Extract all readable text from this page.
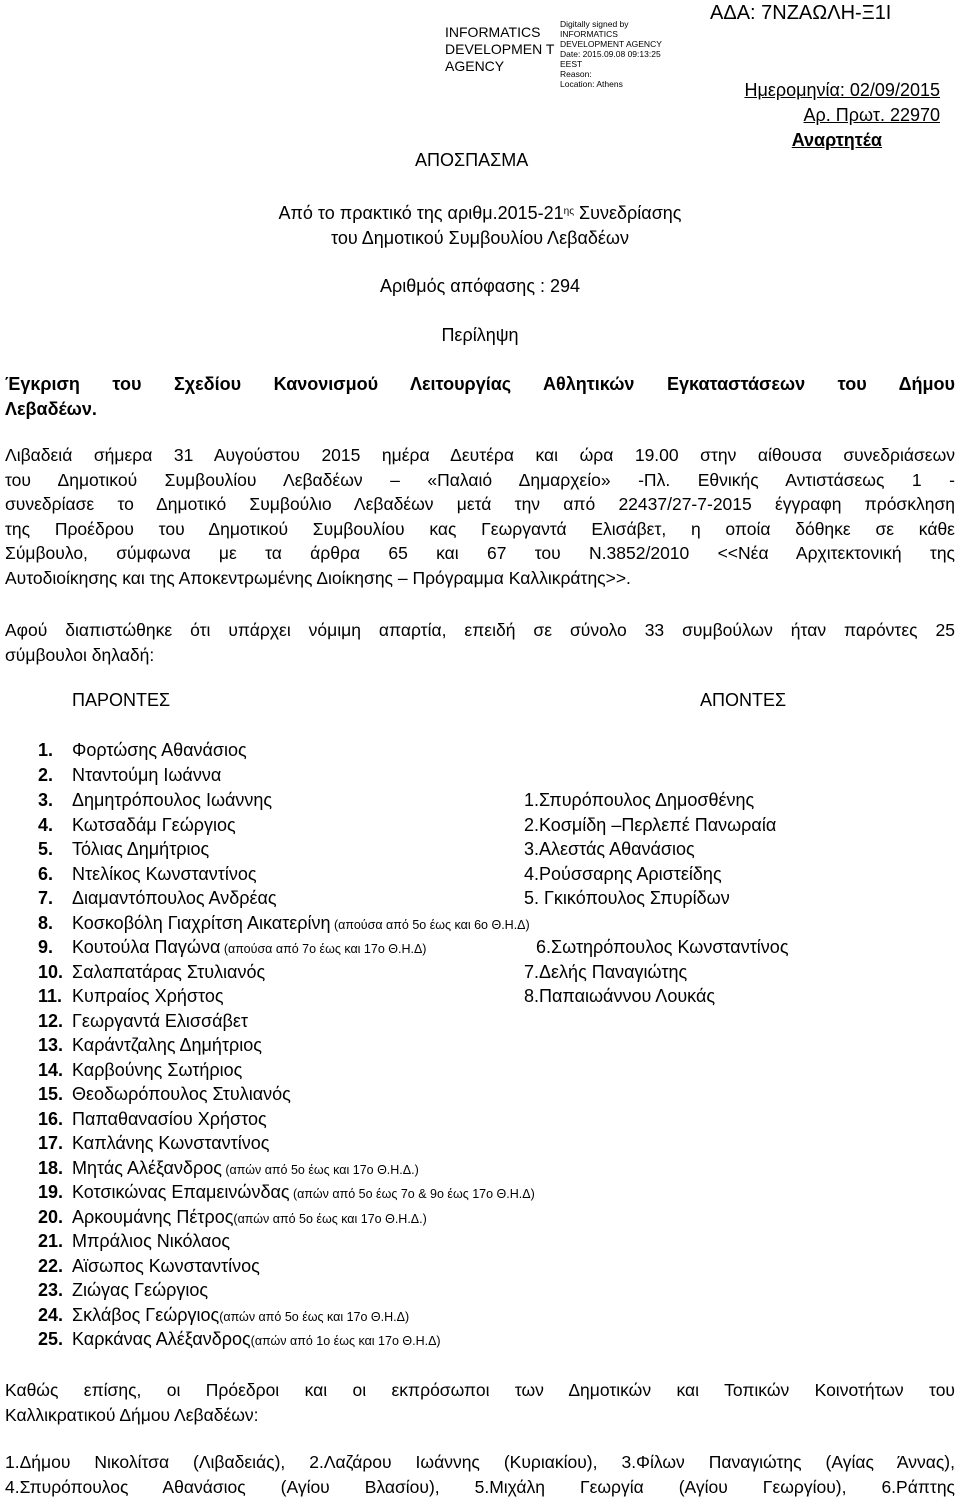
INFORMATICS DEVELOPMEN T AGENCY
Digitally signed by
INFORMATICS
DEVELOPMENT AGENCY
Date: 2015.09.08 09:13:25
EEST
Reason:
Location: Athens
ΑΔΑ: 7ΝΖΑΩΛΗ-Ξ1Ι
Ημερομηνία: 02/09/2015
Αρ. Πρωτ. 22970
Αναρτητέα
ΑΠΟΣΠΑΣΜΑ
Από το πρακτικό της $\alpha\rho\iota\theta\mu.2015-21^{\eta\varsigma}$ Συνεδρίασης
του Δημοτικού Συμβουλίου Λεβαδέων
Αριθμός απόφασης : 294
Περίληψη
Έγκριση του Σχεδίου Κανονισμού Λειτουργίας Αθλητικών Εγκαταστάσεων του Δήμου
Λεβαδέων.
Λιβαδειά σήμερα 31 Αυγούστου 2015 ημέρα Δευτέρα και ώρα 19.00 στην αίθουσα συνεδριάσεων
του Δημοτικού Συμβουλίου Λεβαδέων – «Παλαιό Δημαρχείο» -Πλ. Εθνικής Αντιστάσεως 1 -
συνεδρίασε το Δημοτικό Συμβούλιο Λεβαδέων μετά την από 22437/27-7-2015 έγγραφη πρόσκληση
της Προέδρου του Δημοτικού Συμβουλίου κας Γεωργαντά Ελισάβετ, η οποία δόθηκε σε κάθε
Σύμβουλο, σύμφωνα με τα άρθρα 65 και 67 του Ν.3852/2010 <<Νέα Αρχιτεκτονική της
Αυτοδιοίκησης και της Αποκεντρωμένης Διοίκησης – Πρόγραμμα Καλλικράτης>>.
Αφού διαπιστώθηκε ότι υπάρχει νόμιμη απαρτία, επειδή σε σύνολο 33 συμβούλων ήταν παρόντες 25
σύμβουλοι δηλαδή:
ΠΑΡΟΝΤΕΣ	ΑΠΟΝΤΕΣ
1. Φορτώσης Αθανάσιος
2. Νταντούμη Ιωάννα
3. Δημητρόπουλος Ιωάννης
4. Κωτσαδάμ Γεώργιος
5. Τόλιας Δημήτριος
6. Ντελίκος Κωνσταντίνος
7. Διαμαντόπουλος Ανδρέας
8. Κοσκοβόλη Γιαχρίτση Αικατερίνη (απούσα από 5ο έως και 6ο Θ.Η.Δ)
9. Κουτούλα Παγώνα (απούσα από 7ο έως και 17ο Θ.Η.Δ)
10. Σαλαπατάρας Στυλιανός
11. Κυπραίος Χρήστος
12. Γεωργαντά Ελισσάβετ
13. Καράντζαλης Δημήτριος
14. Καρβούνης Σωτήριος
15. Θεοδωρόπουλος Στυλιανός
16. Παπαθανασίου Χρήστος
17. Καπλάνης Κωνσταντίνος
18. Μητάς Αλέξανδρος (απών από 5ο έως και 17ο Θ.Η.Δ.)
19. Κοτσικώνας Επαμεινώνδας (απών από 5ο έως 7ο & 9ο έως 17ο Θ.Η.Δ)
20. Αρκουμάνης Πέτρος(απών από 5ο έως και 17ο Θ.Η.Δ.)
21. Μπράλιος Νικόλαος
22. Αϊσωπος Κωνσταντίνος
23. Ζιώγας Γεώργιος
24. Σκλάβος Γεώργιος(απών από 5ο έως και 17ο Θ.Η.Δ)
25. Καρκάνας Αλέξανδρος(απών από 1ο έως και 17ο Θ.Η.Δ)
1.Σπυρόπουλος Δημοσθένης
2.Κοσμίδη –Περλεπέ Πανωραία
3.Αλεστάς Αθανάσιος
4.Ρούσσαρης Αριστείδης
5. Γκικόπουλος Σπυρίδων
6.Σωτηρόπουλος Κωνσταντίνος
7.Δελής Παναγιώτης
8.Παπαιωάννου Λουκάς
Καθώς επίσης, οι Πρόεδροι και οι εκπρόσωποι των Δημοτικών και Τοπικών Κοινοτήτων του
Καλλικρατικού Δήμου Λεβαδέων:
1.Δήμου Νικολίτσα (Λιβαδειάς), 2.Λαζάρου Ιωάννης (Κυριακίου), 3.Φίλων Παναγιώτης (Αγίας Άννας),
4.Σπυρόπουλος Αθανάσιος (Αγίου Βλασίου), 5.Μιχάλη Γεωργία (Αγίου Γεωργίου), 6.Ράπτης
